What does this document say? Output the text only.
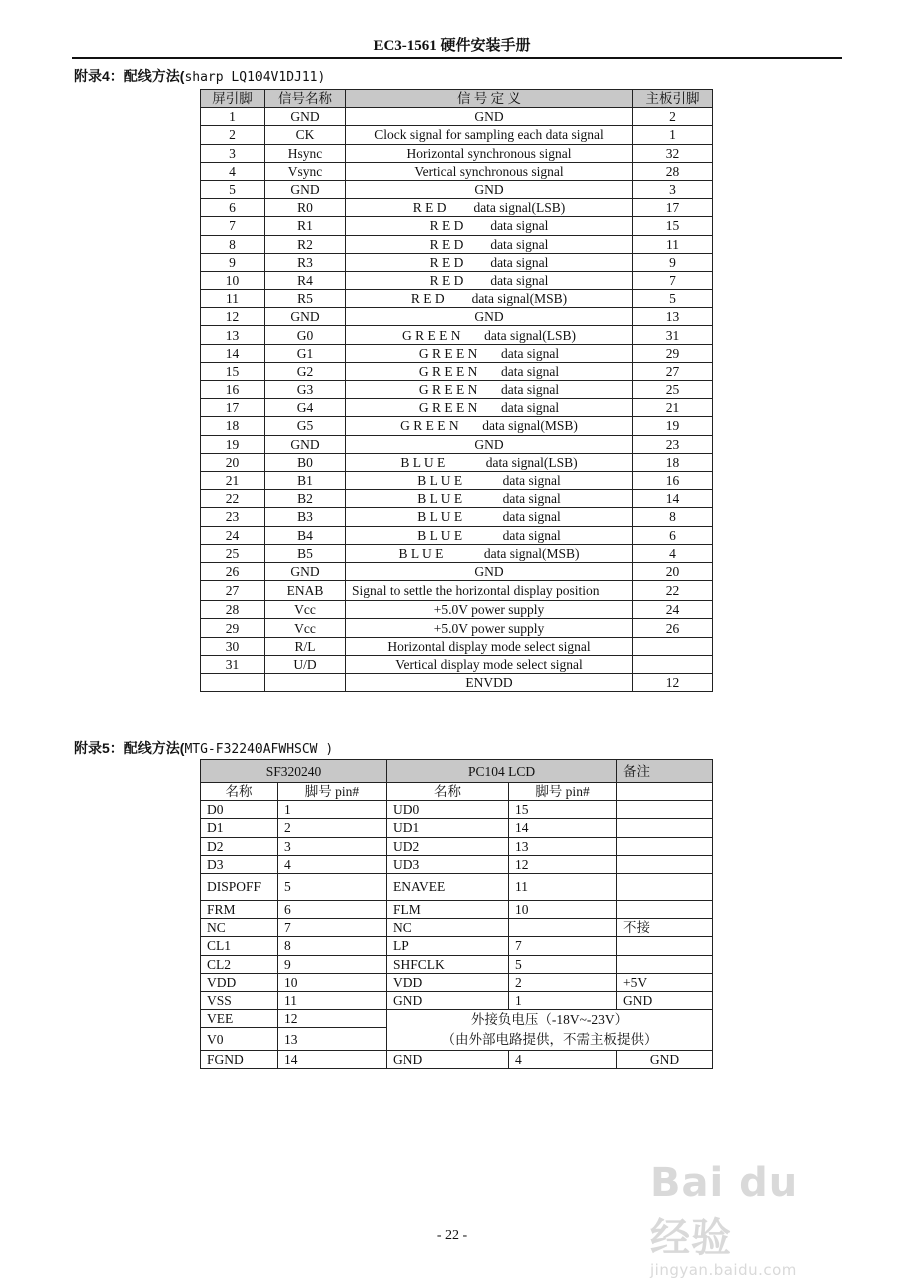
EC3-1561 硬件安装手册
附录4：配线方法(sharp LQ104V1DJ11)
屏引脚	信号名称	信 号 定 义	主板引脚
1	GND	GND	2
2	CK	Clock signal for sampling each data signal	1
3	Hsync	Horizontal synchronous signal	32
4	Vsync	Vertical synchronous signal	28
5	GND	GND	3
6	R0	R E D        data signal(LSB)	17
7	R1	R E D        data signal	15
8	R2	R E D        data signal	11
9	R3	R E D        data signal	9
10	R4	R E D        data signal	7
11	R5	R E D        data signal(MSB)	5
12	GND	GND	13
13	G0	G R E E N       data signal(LSB)	31
14	G1	G R E E N       data signal	29
15	G2	G R E E N       data signal	27
16	G3	G R E E N       data signal	25
17	G4	G R E E N       data signal	21
18	G5	G R E E N       data signal(MSB)	19
19	GND	GND	23
20	B0	B L U E            data signal(LSB)	18
21	B1	B L U E            data signal	16
22	B2	B L U E            data signal	14
23	B3	B L U E            data signal	8
24	B4	B L U E            data signal	6
25	B5	B L U E            data signal(MSB)	4
26	GND	GND	20
27	ENAB	Signal to settle the horizontal display position	22
28	Vcc	+5.0V power supply	24
29	Vcc	+5.0V power supply	26
30	R/L	Horizontal display mode select signal	
31	U/D	Vertical display mode select signal	
		ENVDD	12
附录5：配线方法(MTG-F32240AFWHSCW )
SF320240		PC104 LCD		备注
名称	脚号 pin#	名称	脚号 pin#	
D0	1	UD0	15	
D1	2	UD1	14	
D2	3	UD2	13	
D3	4	UD3	12	
DISPOFF	5	ENAVEE	11	
FRM	6	FLM	10	
NC	7	NC		不接
CL1	8	LP	7	
CL2	9	SHFCLK	5	
VDD	10	VDD	2	+5V
VSS	11	GND	1	GND
VEE	12	外接负电压（-18V~-23V）
（由外部电路提供，不需主板提供）		

V0	13			
FGND	14	GND	4	GND
Bai du 经验
jingyan.baidu.com
- 22 -
